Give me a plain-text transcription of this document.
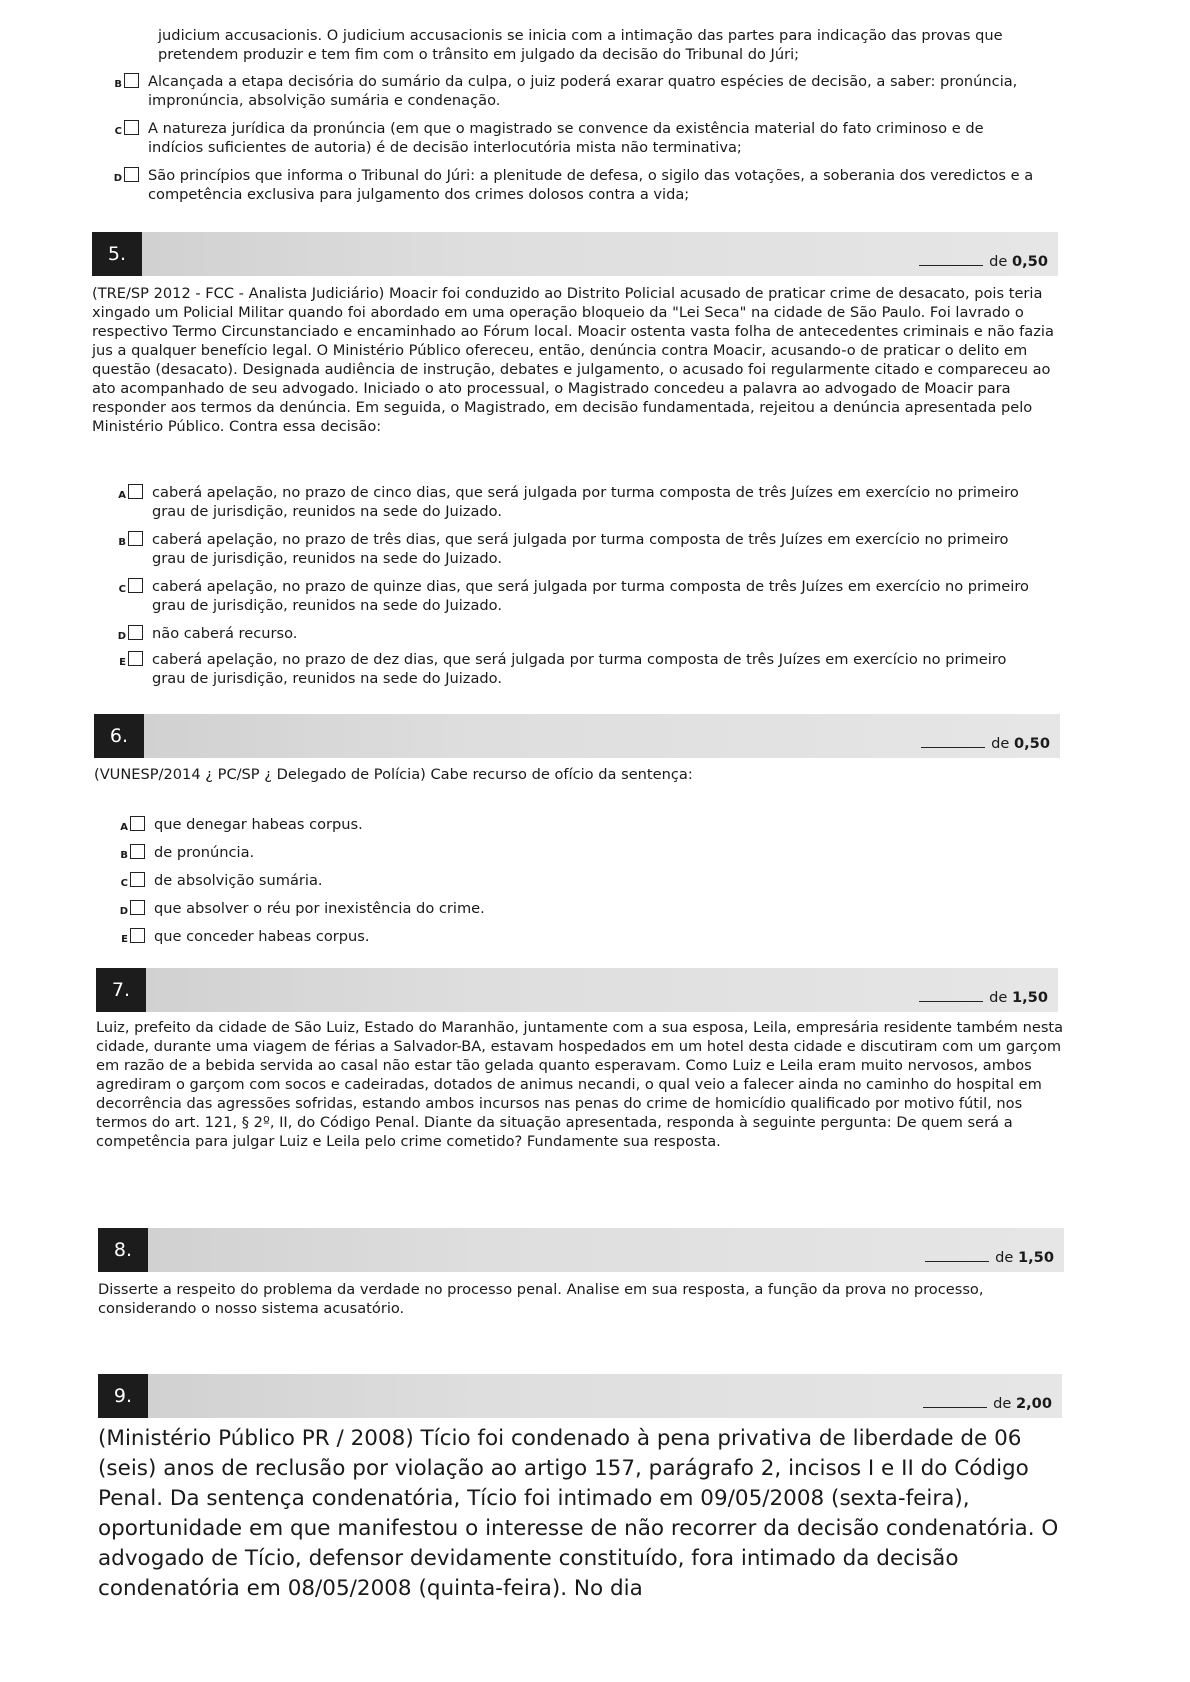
judicium accusacionis. O judicium accusacionis se inicia com a intimação das partes para indicação das provas que pretendem produzir e tem fim com o trânsito em julgado da decisão do Tribunal do Júri;

B Alcançada a etapa decisória do sumário da culpa, o juiz poderá exarar quatro espécies de decisão, a saber: pronúncia, impronúncia, absolvição sumária e condenação.
C A natureza jurídica da pronúncia (em que o magistrado se convence da existência material do fato criminoso e de indícios suficientes de autoria) é de decisão interlocutória mista não terminativa;
D São princípios que informa o Tribunal do Júri: a plenitude de defesa, o sigilo das votações, a soberania dos veredictos e a competência exclusiva para julgamento dos crimes dolosos contra a vida;
5.	de 0,50

(TRE/SP 2012 - FCC - Analista Judiciário) Moacir foi conduzido ao Distrito Policial acusado de praticar crime de desacato, pois teria xingado um Policial Militar quando foi abordado em uma operação bloqueio da "Lei Seca" na cidade de São Paulo. Foi lavrado o respectivo Termo Circunstanciado e encaminhado ao Fórum local. Moacir ostenta vasta folha de antecedentes criminais e não fazia jus a qualquer benefício legal. O Ministério Público ofereceu, então, denúncia contra Moacir, acusando-o de praticar o delito em questão (desacato). Designada audiência de instrução, debates e julgamento, o acusado foi regularmente citado e compareceu ao ato acompanhado de seu advogado. Iniciado o ato processual, o Magistrado concedeu a palavra ao advogado de Moacir para responder aos termos da denúncia. Em seguida, o Magistrado, em decisão fundamentada, rejeitou a denúncia apresentada pelo Ministério Público. Contra essa decisão:

A caberá apelação, no prazo de cinco dias, que será julgada por turma composta de três Juízes em exercício no primeiro grau de jurisdição, reunidos na sede do Juizado.
B caberá apelação, no prazo de três dias, que será julgada por turma composta de três Juízes em exercício no primeiro grau de jurisdição, reunidos na sede do Juizado.
C caberá apelação, no prazo de quinze dias, que será julgada por turma composta de três Juízes em exercício no primeiro grau de jurisdição, reunidos na sede do Juizado.
D não caberá recurso.
E caberá apelação, no prazo de dez dias, que será julgada por turma composta de três Juízes em exercício no primeiro grau de jurisdição, reunidos na sede do Juizado.
6.	de 0,50

(VUNESP/2014 ¿ PC/SP ¿ Delegado de Polícia) Cabe recurso de ofício da sentença:

A que denegar habeas corpus.
B de pronúncia.
C de absolvição sumária.
D que absolver o réu por inexistência do crime.
E que conceder habeas corpus.
7.	de 1,50

Luiz, prefeito da cidade de São Luiz, Estado do Maranhão, juntamente com a sua esposa, Leila, empresária residente também nesta cidade, durante uma viagem de férias a Salvador-BA, estavam hospedados em um hotel desta cidade e discutiram com um garçom em razão de a bebida servida ao casal não estar tão gelada quanto esperavam. Como Luiz e Leila eram muito nervosos, ambos agrediram o garçom com socos e cadeiradas, dotados de animus necandi, o qual veio a falecer ainda no caminho do hospital em decorrência das agressões sofridas, estando ambos incursos nas penas do crime de homicídio qualificado por motivo fútil, nos termos do art. 121, § 2º, II, do Código Penal. Diante da situação apresentada, responda à seguinte pergunta: De quem será a competência para julgar Luiz e Leila pelo crime cometido? Fundamente sua resposta.

8.	de 1,50

Disserte a respeito do problema da verdade no processo penal. Analise em sua resposta, a função da prova no processo, considerando o nosso sistema acusatório.

9.	de 2,00

(Ministério Público PR / 2008) Tício foi condenado à pena privativa de liberdade de 06 (seis) anos de reclusão por violação ao artigo 157, parágrafo 2, incisos I e II do Código Penal. Da sentença condenatória, Tício foi intimado em 09/05/2008 (sexta-feira), oportunidade em que manifestou o interesse de não recorrer da decisão condenatória. O advogado de Tício, defensor devidamente constituído, fora intimado da decisão condenatória em 08/05/2008 (quinta-feira). No dia
